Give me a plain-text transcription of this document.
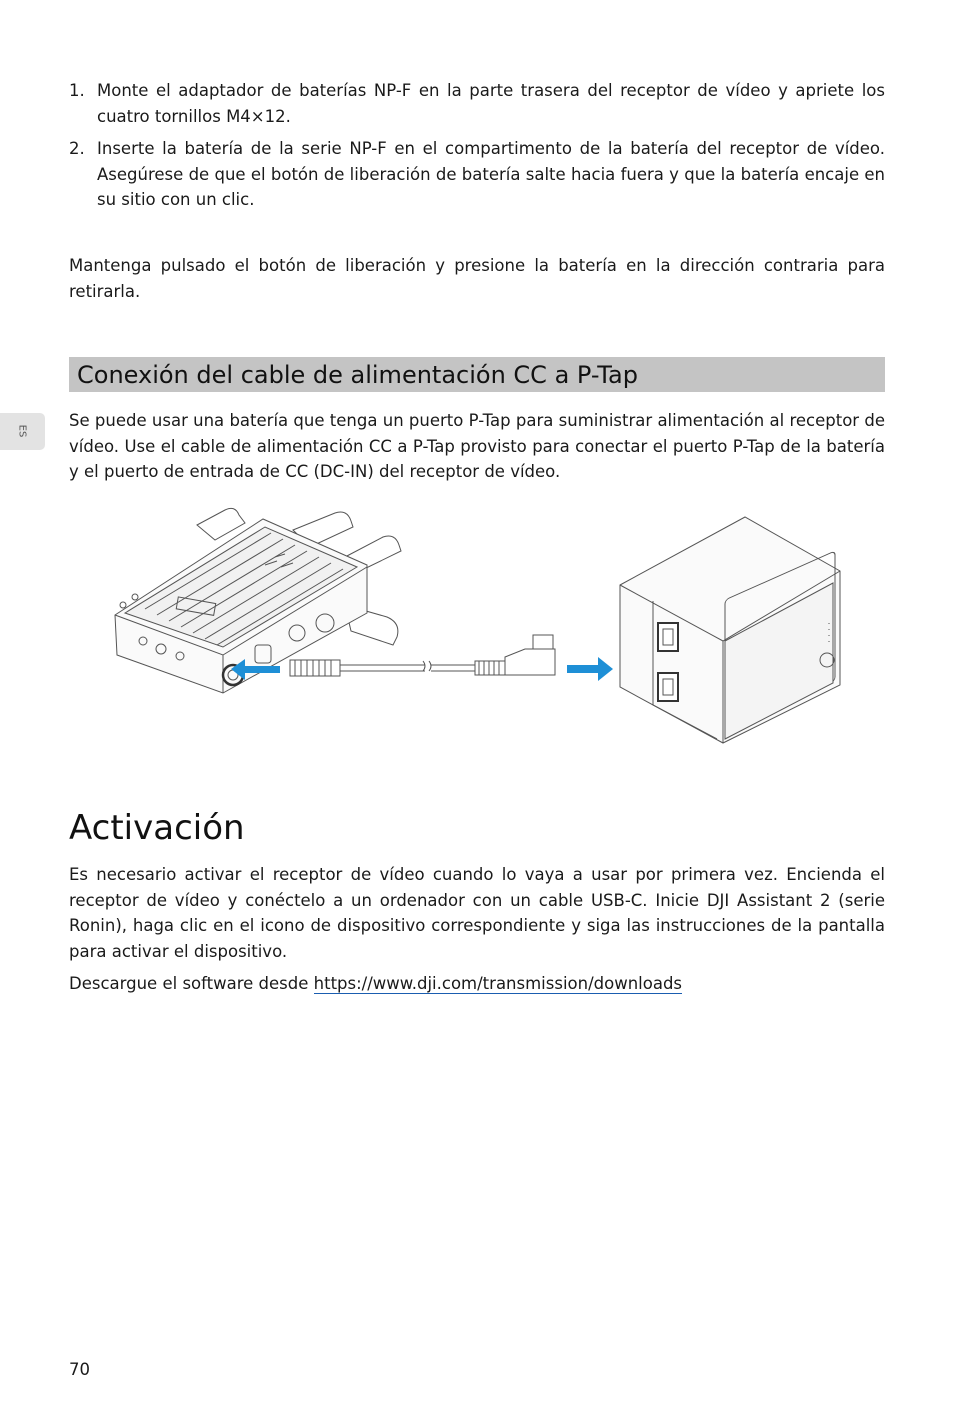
ES
1. Monte el adaptador de baterías NP-F en la parte trasera del receptor de vídeo y apriete los cuatro tornillos M4×12.

2. Inserte la batería de la serie NP-F en el compartimento de la batería del receptor de vídeo. Asegúrese de que el botón de liberación de batería salte hacia fuera y que la batería encaje en su sitio con un clic.

Mantenga pulsado el botón de liberación y presione la batería en la dirección contraria para retirarla.

Conexión del cable de alimentación CC a P-Tap

Se puede usar una batería que tenga un puerto P-Tap para suministrar alimentación al receptor de vídeo. Use el cable de alimentación CC a P-Tap provisto para conectar el puerto P-Tap de la batería y el puerto de entrada de CC (DC-IN) del receptor de vídeo.

Activación

Es necesario activar el receptor de vídeo cuando lo vaya a usar por primera vez. Encienda el receptor de vídeo y conéctelo a un ordenador con un cable USB-C. Inicie DJI Assistant 2 (serie Ronin), haga clic en el icono de dispositivo correspondiente y siga las instrucciones de la pantalla para activar el dispositivo.

Descargue el software desde https://www.dji.com/transmission/downloads

70
